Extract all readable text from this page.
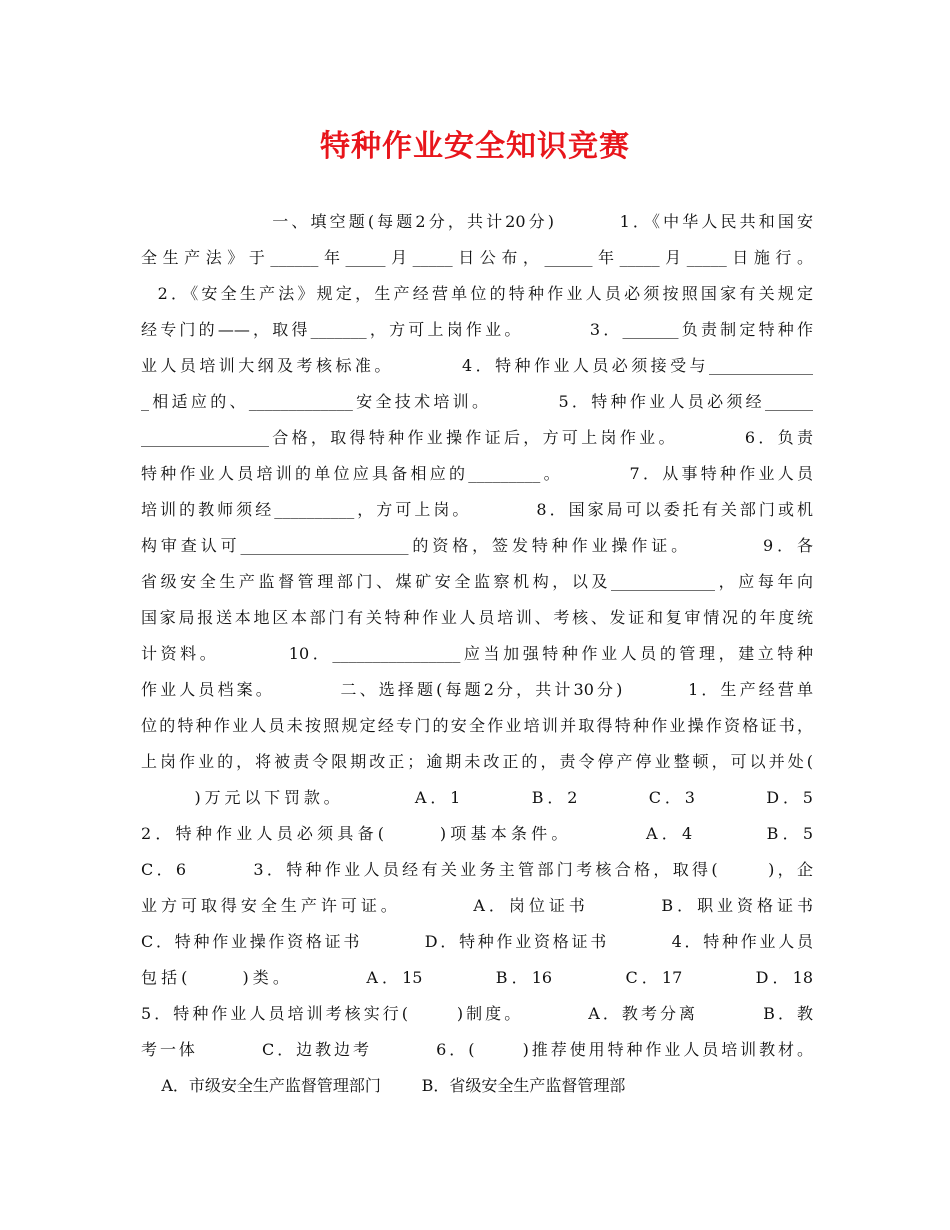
特种作业安全知识竞赛
一、填空题(每题2分，共计20分)        1．《中华人民共和国安
全生产法》于______年_____月_____日公布，______年_____月_____日施行。
2．《安全生产法》规定，生产经营单位的特种作业人员必须按照国家有关规定
经专门的——，取得_______，方可上岗作业。        3．_______负责制定特种作
业人员培训大纲及考核标准。        4．特种作业人员必须接受与_____________
_相适应的、_____________安全技术培训。        5．特种作业人员必须经______
________________合格，取得特种作业操作证后，方可上岗作业。        6．负责
特种作业人员培训的单位应具备相应的_________。        7．从事特种作业人员
培训的教师须经__________，方可上岗。        8．国家局可以委托有关部门或机
构审查认可_____________________的资格，签发特种作业操作证。        9．各
省级安全生产监督管理部门、煤矿安全监察机构，以及_____________，应每年向
国家局报送本地区本部门有关特种作业人员培训、考核、发证和复审情况的年度统
计资料。        10．________________应当加强特种作业人员的管理，建立特种
作业人员档案。        二、选择题(每题2分，共计30分)        1．生产经营单
位的特种作业人员未按照规定经专门的安全作业培训并取得特种作业操作资格证书，
上岗作业的，将被责令限期改正；逾期未改正的，责令停产停业整顿，可以并处(
)万元以下罚款。        A．1        B．2        C．3        D．5
2．特种作业人员必须具备(      )项基本条件。        A．4        B．5
C．6        3．特种作业人员经有关业务主管部门考核合格，取得(      )，企
业方可取得安全生产许可证。        A．岗位证书        B．职业资格证书
C．特种作业操作资格证书        D．特种作业资格证书        4．特种作业人员
包括(      )类。        A．15        B．16        C．17        D．18
5．特种作业人员培训考核实行(      )制度。        A．教考分离        B．教
考一体        C．边教边考        6．(      )推荐使用特种作业人员培训教材。
A．市级安全生产监督管理部门        B．省级安全生产监督管理部
